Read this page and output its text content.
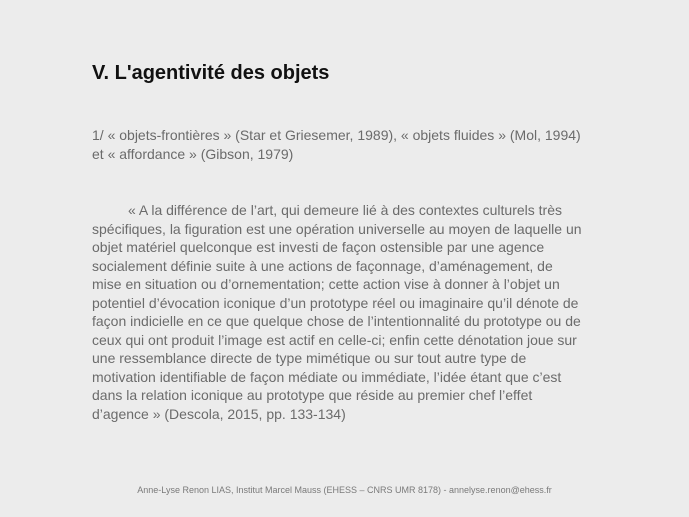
V. L'agentivité des objets
1/ « objets-frontières » (Star et Griesemer, 1989), « objets fluides » (Mol, 1994)
et « affordance » (Gibson, 1979)
« A la différence de l’art, qui demeure lié à des contextes culturels très
spécifiques, la figuration est une opération universelle au moyen de laquelle un
objet matériel quelconque est investi de façon ostensible par une agence
socialement définie suite à une actions de façonnage, d’aménagement, de
mise en situation ou d’ornementation; cette action vise à donner à l’objet un
potentiel d’évocation iconique d’un prototype réel ou imaginaire qu’il dénote de
façon indicielle en ce que quelque chose de l’intentionnalité du prototype ou de
ceux qui ont produit l’image est actif en celle-ci; enfin cette dénotation joue sur
une ressemblance directe de type mimétique ou sur tout autre type de
motivation identifiable de façon médiate ou immédiate, l’idée étant que c’est
dans la relation iconique au prototype que réside au premier chef l’effet
d’agence » (Descola, 2015, pp. 133-134)
Anne-Lyse Renon LIAS, Institut Marcel Mauss (EHESS – CNRS UMR 8178) - annelyse.renon@ehess.fr
